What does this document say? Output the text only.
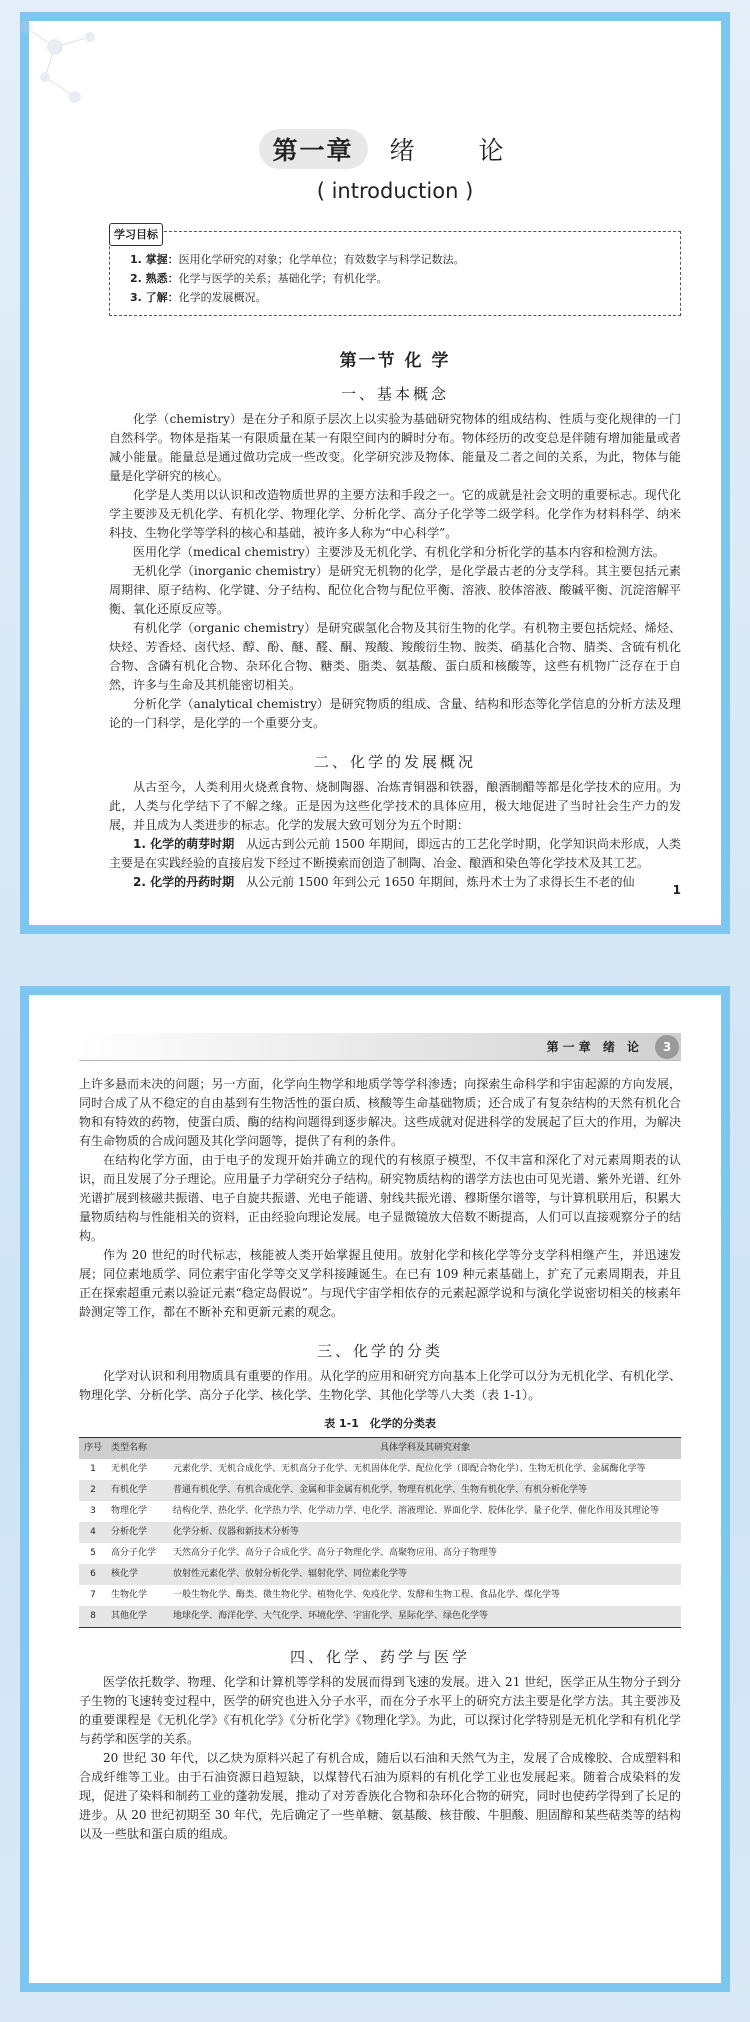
第一章 绪 论
( introduction )
学习目标
1. 掌握：医用化学研究的对象；化学单位；有效数字与科学记数法。
2. 熟悉：化学与医学的关系；基础化学；有机化学。
3. 了解：化学的发展概况。
第一节 化 学
一、基本概念

化学（chemistry）是在分子和原子层次上以实验为基础研究物体的组成结构、性质与变化规律的一门自然科学。物体是指某一有限质量在某一有限空间内的瞬时分布。物体经历的改变总是伴随有增加能量或者减小能量。能量总是通过做功完成一些改变。化学研究涉及物体、能量及二者之间的关系，为此，物体与能量是化学研究的核心。

化学是人类用以认识和改造物质世界的主要方法和手段之一。它的成就是社会文明的重要标志。现代化学主要涉及无机化学、有机化学、物理化学、分析化学、高分子化学等二级学科。化学作为材料科学、纳米科技、生物化学等学科的核心和基础，被许多人称为“中心科学”。

医用化学（medical chemistry）主要涉及无机化学、有机化学和分析化学的基本内容和检测方法。

无机化学（inorganic chemistry）是研究无机物的化学，是化学最古老的分支学科。其主要包括元素周期律、原子结构、化学键、分子结构、配位化合物与配位平衡、溶液、胶体溶液、酸碱平衡、沉淀溶解平衡、氧化还原反应等。

有机化学（organic chemistry）是研究碳氢化合物及其衍生物的化学。有机物主要包括烷烃、烯烃、炔烃、芳香烃、卤代烃、醇、酚、醚、醛、酮、羧酸、羧酸衍生物、胺类、硝基化合物、腈类、含硫有机化合物、含磷有机化合物、杂环化合物、糖类、脂类、氨基酸、蛋白质和核酸等，这些有机物广泛存在于自然，许多与生命及其机能密切相关。

分析化学（analytical chemistry）是研究物质的组成、含量、结构和形态等化学信息的分析方法及理论的一门科学，是化学的一个重要分支。

二、化学的发展概况

从古至今，人类利用火烧煮食物、烧制陶器、冶炼青铜器和铁器，酿酒制醋等都是化学技术的应用。为此，人类与化学结下了不解之缘。正是因为这些化学技术的具体应用，极大地促进了当时社会生产力的发展，并且成为人类进步的标志。化学的发展大致可划分为五个时期：

1. 化学的萌芽时期　 从远古到公元前 1500 年期间，即远古的工艺化学时期，化学知识尚未形成，人类主要是在实践经验的直接启发下经过不断摸索而创造了制陶、冶金、酿酒和染色等化学技术及其工艺。

2. 化学的丹药时期　 从公元前 1500 年到公元 1650 年期间，炼丹术士为了求得长生不老的仙

1
第一章 绪 论	3

上许多悬而未决的问题；另一方面，化学向生物学和地质学等学科渗透；向探索生命科学和宇宙起源的方向发展，同时合成了从不稳定的自由基到有生物活性的蛋白质、核酸等生命基础物质；还合成了有复杂结构的天然有机化合物和有特效的药物，使蛋白质、酶的结构问题得到逐步解决。这些成就对促进科学的发展起了巨大的作用，为解决有生命物质的合成问题及其化学问题等，提供了有利的条件。

在结构化学方面，由于电子的发现开始并确立的现代的有核原子模型，不仅丰富和深化了对元素周期表的认识，而且发展了分子理论。应用量子力学研究分子结构。研究物质结构的谱学方法也由可见光谱、紫外光谱、红外光谱扩展到核磁共振谱、电子自旋共振谱、光电子能谱、射线共振光谱、穆斯堡尔谱等，与计算机联用后，积累大量物质结构与性能相关的资料，正由经验向理论发展。电子显微镜放大倍数不断提高，人们可以直接观察分子的结构。

作为 20 世纪的时代标志，核能被人类开始掌握且使用。放射化学和核化学等分支学科相继产生，并迅速发展；同位素地质学、同位素宇宙化学等交叉学科接踵诞生。在已有 109 种元素基础上，扩充了元素周期表，并且正在探索超重元素以验证元素“稳定岛假说”。与现代宇宙学相依存的元素起源学说和与演化学说密切相关的核素年龄测定等工作，都在不断补充和更新元素的观念。

三、化学的分类

化学对认识和利用物质具有重要的作用。从化学的应用和研究方向基本上化学可以分为无机化学、有机化学、物理化学、分析化学、高分子化学、核化学、生物化学、其他化学等八大类（表 1-1）。

表 1-1　化学的分类表
序号	类型名称	具体学科及其研究对象
1	无机化学	元素化学、无机合成化学、无机高分子化学、无机固体化学、配位化学（即配合物化学）、生物无机化学、金属酶化学等
2	有机化学	普通有机化学、有机合成化学、金属和非金属有机化学、物理有机化学、生物有机化学、有机分析化学等
3	物理化学	结构化学、热化学、化学热力学、化学动力学、电化学、溶液理论、界面化学、胶体化学、量子化学、催化作用及其理论等
4	分析化学	化学分析、仪器和新技术分析等
5	高分子化学	天然高分子化学、高分子合成化学、高分子物理化学、高聚物应用、高分子物理等
6	核化学	放射性元素化学、放射分析化学、辐射化学、同位素化学等
7	生物化学	一般生物化学、酶类、微生物化学、植物化学、免疫化学、发酵和生物工程、食品化学、煤化学等
8	其他化学	地球化学、海洋化学、大气化学、环境化学、宇宙化学、星际化学、绿色化学等
四、化学、药学与医学

医学依托数学、物理、化学和计算机等学科的发展而得到飞速的发展。进入 21 世纪，医学正从生物分子到分子生物的飞速转变过程中，医学的研究也进入分子水平，而在分子水平上的研究方法主要是化学方法。其主要涉及的重要课程是《无机化学》《有机化学》《分析化学》《物理化学》。为此，可以探讨化学特别是无机化学和有机化学与药学和医学的关系。

20 世纪 30 年代，以乙炔为原料兴起了有机合成，随后以石油和天然气为主，发展了合成橡胶、合成塑料和合成纤维等工业。由于石油资源日趋短缺，以煤替代石油为原料的有机化学工业也发展起来。随着合成染料的发现，促进了染料和制药工业的蓬勃发展，推动了对芳香族化合物和杂环化合物的研究，同时也使药学得到了长足的进步。从 20 世纪初期至 30 年代，先后确定了一些单糖、氨基酸、核苷酸、牛胆酸、胆固醇和某些萜类等的结构以及一些肽和蛋白质的组成。
